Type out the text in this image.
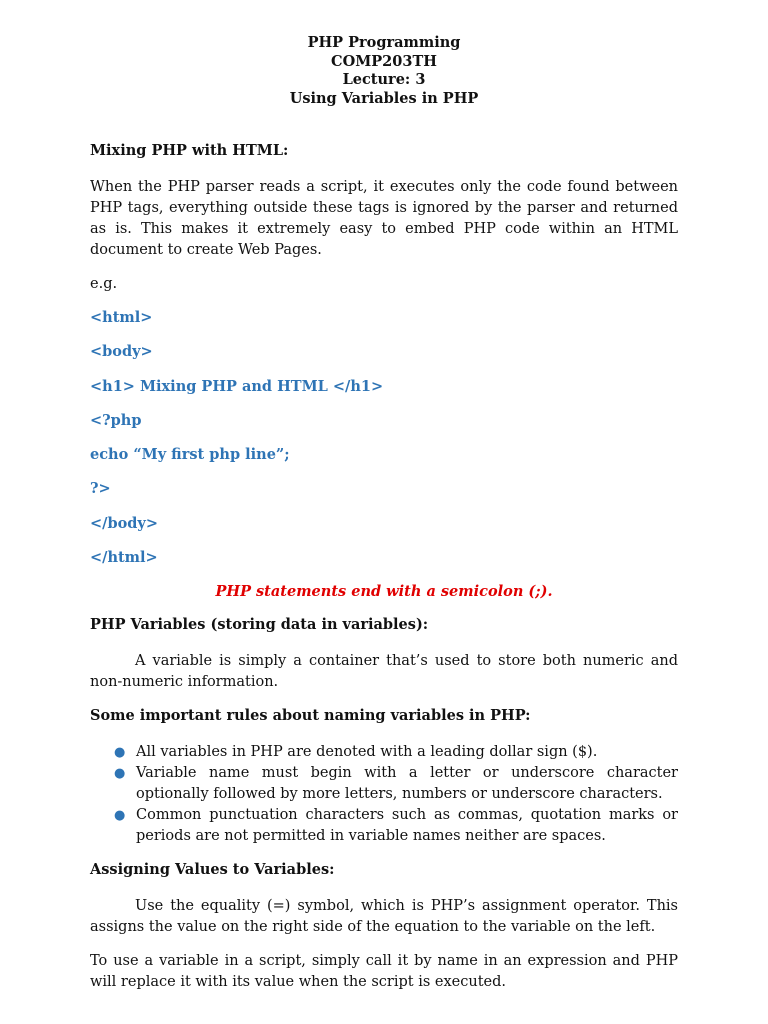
PHP Programming
COMP203TH
Lecture: 3
Using Variables in PHP
Mixing PHP with HTML:

When the PHP parser reads a script, it executes only the code found between PHP tags, everything outside these tags is ignored by the parser and returned as is. This makes it extremely easy to embed PHP code within an HTML document to create Web Pages.

e.g.
<html>
<body>
<h1> Mixing PHP and HTML </h1>
<?php
echo “My first php line”;
?>
</body>
</html>
PHP statements end with a semicolon (;).
PHP Variables (storing data in variables):

A variable is simply a container that’s used to store both numeric and non-numeric information.

Some important rules about naming variables in PHP:
● All variables in PHP are denoted with a leading dollar sign ($).
● Variable name must begin with a letter or underscore character optionally followed by more letters, numbers or underscore characters.
● Common punctuation characters such as commas, quotation marks or periods are not permitted in variable names neither are spaces.
Assigning Values to Variables:

Use the equality (=) symbol, which is PHP’s assignment operator. This assigns the value on the right side of the equation to the variable on the left.

To use a variable in a script, simply call it by name in an expression and PHP will replace it with its value when the script is executed.
